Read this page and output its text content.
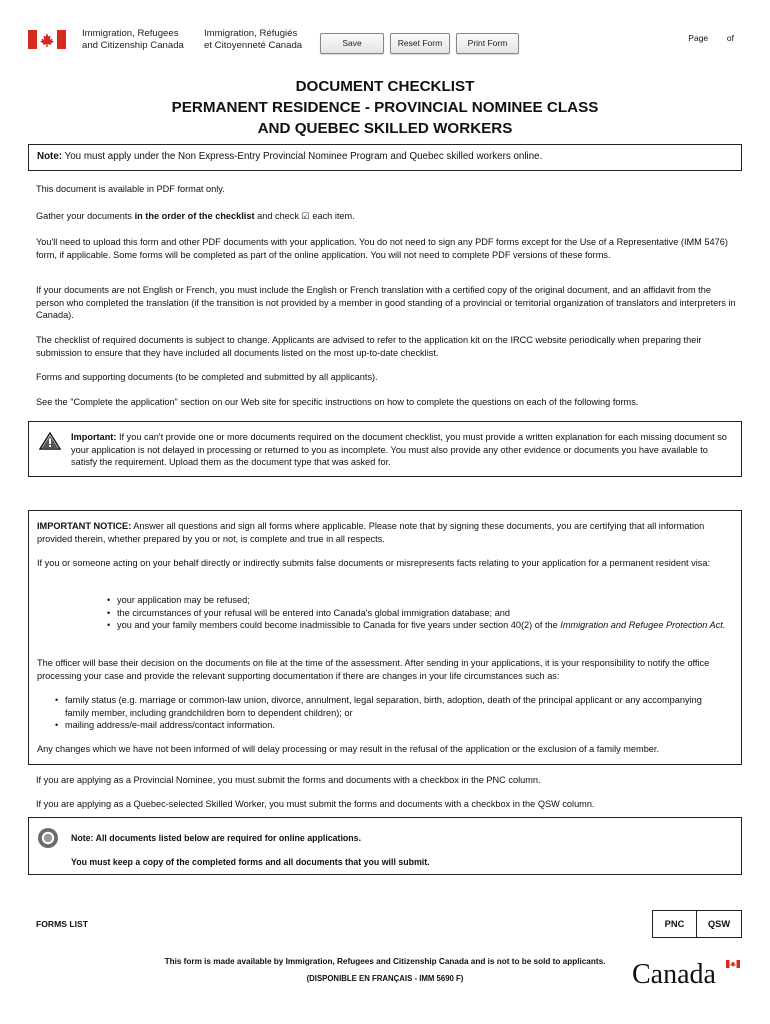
Immigration, Refugees
and Citizenship Canada
Immigration, Réfugiés
et Citoyenneté Canada	Save	Reset Form	Print Form	Page of
DOCUMENT CHECKLIST
PERMANENT RESIDENCE - PROVINCIAL NOMINEE CLASS
AND QUEBEC SKILLED WORKERS
Note: You must apply under the Non Express-Entry Provincial Nominee Program and Quebec skilled workers online.
This document is available in PDF format only.
Gather your documents in the order of the checklist and check ☑ each item.
You'll need to upload this form and other PDF documents with your application. You do not need to sign any PDF forms except for the Use of a Representative (IMM 5476) form, if applicable. Some forms will be completed as part of the online application. You will not need to complete PDF versions of these forms.
If your documents are not English or French, you must include the English or French translation with a certified copy of the original document, and an affidavit from the person who completed the translation (if the transition is not provided by a member in good standing of a provincial or territorial organization of translators and interpreters in Canada).
The checklist of required documents is subject to change. Applicants are advised to refer to the application kit on the IRCC website periodically when preparing their submission to ensure that they have included all documents listed on the most up-to-date checklist.
Forms and supporting documents (to be completed and submitted by all applicants).
See the "Complete the application" section on our Web site for specific instructions on how to complete the questions on each of the following forms.
Important: If you can't provide one or more documents required on the document checklist, you must provide a written explanation for each missing document so your application is not delayed in processing or returned to you as incomplete. You must also provide any other evidence or documents you have available to satisfy the requirement. Upload them as the document type that was asked for.
IMPORTANT NOTICE: Answer all questions and sign all forms where applicable. Please note that by signing these documents, you are certifying that all information provided therein, whether prepared by you or not, is complete and true in all respects.
If you or someone acting on your behalf directly or indirectly submits false documents or misrepresents facts relating to your application for a permanent resident visa:
• your application may be refused;
• the circumstances of your refusal will be entered into Canada's global immigration database; and
• you and your family members could become inadmissible to Canada for five years under section 40(2) of the Immigration and Refugee Protection Act.
The officer will base their decision on the documents on file at the time of the assessment. After sending in your applications, it is your responsibility to notify the office processing your case and provide the relevant supporting documentation if there are changes in your life circumstances such as:
• family status (e.g. marriage or common-law union, divorce, annulment, legal separation, birth, adoption, death of the principal applicant or any accompanying family member, including grandchildren born to dependent children); or
• mailing address/e-mail address/contact information.
Any changes which we have not been informed of will delay processing or may result in the refusal of the application or the exclusion of a family member.
If you are applying as a Provincial Nominee, you must submit the forms and documents with a checkbox in the PNC column.
If you are applying as a Quebec-selected Skilled Worker, you must submit the forms and documents with a checkbox in the QSW column.
Note: All documents listed below are required for online applications.
You must keep a copy of the completed forms and all documents that you will submit.
FORMS LIST	PNC	QSW
This form is made available by Immigration, Refugees and Citizenship Canada and is not to be sold to applicants.
(DISPONIBLE EN FRANÇAIS - IMM 5690 F)	Canada
